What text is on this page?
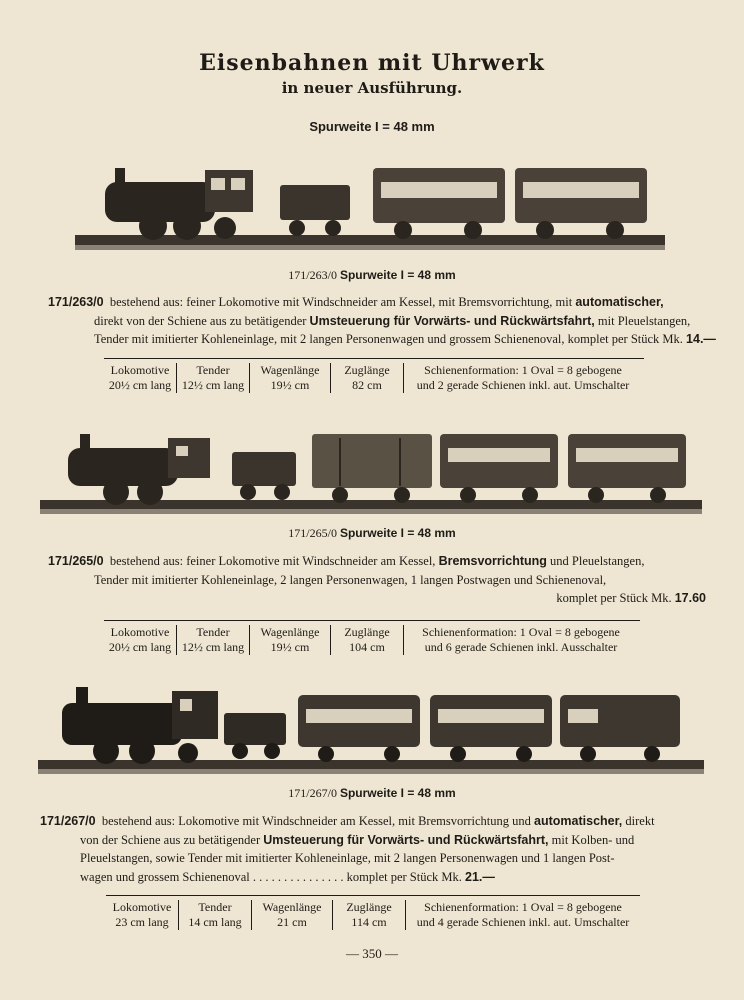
Eisenbahnen mit Uhrwerk
in neuer Ausführung.
Spurweite I = 48 mm
171/263/0 Spurweite I = 48 mm
171/263/0 bestehend aus: feiner Lokomotive mit Windschneider am Kessel, mit Bremsvorrichtung, mit automatischer,
direkt von der Schiene aus zu betätigender Umsteuerung für Vorwärts- und Rückwärtsfahrt, mit Pleuelstangen,
Tender mit imitierter Kohleneinlage, mit 2 langen Personenwagen und grossem Schienenoval, komplet per Stück Mk. 14.—
Lokomotive
20½ cm lang
Tender
12½ cm lang
Wagenlänge
19½ cm
Zuglänge
82 cm
Schienenformation: 1 Oval = 8 gebogene
und 2 gerade Schienen inkl. aut. Umschalter
171/265/0 Spurweite I = 48 mm
171/265/0 bestehend aus: feiner Lokomotive mit Windschneider am Kessel, Bremsvorrichtung und Pleuelstangen,
Tender mit imitierter Kohleneinlage, 2 langen Personenwagen, 1 langen Postwagen und Schienenoval,
komplet per Stück Mk. 17.60
Lokomotive
20½ cm lang
Tender
12½ cm lang
Wagenlänge
19½ cm
Zuglänge
104 cm
Schienenformation: 1 Oval = 8 gebogene
und 6 gerade Schienen inkl. Ausschalter
171/267/0 Spurweite I = 48 mm
171/267/0 bestehend aus: Lokomotive mit Windschneider am Kessel, mit Bremsvorrichtung und automatischer, direkt
von der Schiene aus zu betätigender Umsteuerung für Vorwärts- und Rückwärtsfahrt, mit Kolben- und
Pleuelstangen, sowie Tender mit imitierter Kohleneinlage, mit 2 langen Personenwagen und 1 langen Post-
wagen und grossem Schienenoval . . . . . . . . . . . . . . . komplet per Stück Mk. 21.—
Lokomotive
23 cm lang
Tender
14 cm lang
Wagenlänge
21 cm
Zuglänge
114 cm
Schienenformation: 1 Oval = 8 gebogene
und 4 gerade Schienen inkl. aut. Umschalter
— 350 —
